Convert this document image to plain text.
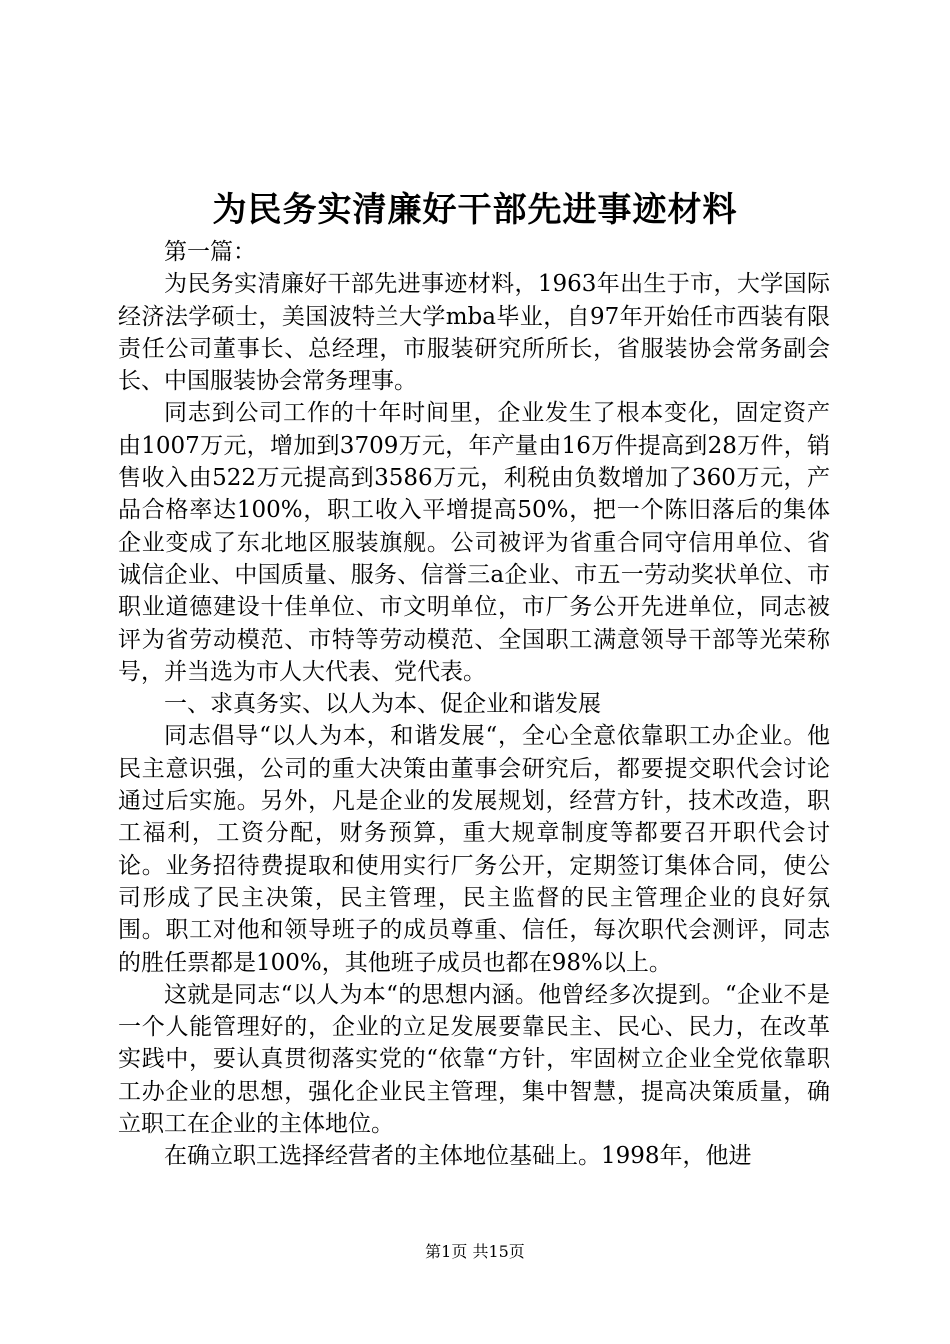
为民务实清廉好干部先进事迹材料

第一篇：

为民务实清廉好干部先进事迹材料，1963年出生于市，大学国际经济法学硕士，美国波特兰大学mba毕业，自97年开始任市西装有限责任公司董事长、总经理，市服装研究所所长，省服装协会常务副会长、中国服装协会常务理事。

同志到公司工作的十年时间里，企业发生了根本变化，固定资产由1007万元，增加到3709万元，年产量由16万件提高到28万件，销售收入由522万元提高到3586万元，利税由负数增加了360万元，产品合格率达100%，职工收入平增提高50%，把一个陈旧落后的集体企业变成了东北地区服装旗舰。公司被评为省重合同守信用单位、省诚信企业、中国质量、服务、信誉三a企业、市五一劳动奖状单位、市职业道德建设十佳单位、市文明单位，市厂务公开先进单位，同志被评为省劳动模范、市特等劳动模范、全国职工满意领导干部等光荣称号，并当选为市人大代表、党代表。

一、求真务实、以人为本、促企业和谐发展

同志倡导“以人为本，和谐发展“，全心全意依靠职工办企业。他民主意识强，公司的重大决策由董事会研究后，都要提交职代会讨论通过后实施。另外，凡是企业的发展规划，经营方针，技术改造，职工福利，工资分配，财务预算，重大规章制度等都要召开职代会讨论。业务招待费提取和使用实行厂务公开，定期签订集体合同，使公司形成了民主决策，民主管理，民主监督的民主管理企业的良好氛围。职工对他和领导班子的成员尊重、信任，每次职代会测评，同志的胜任票都是100%，其他班子成员也都在98%以上。

这就是同志“以人为本“的思想内涵。他曾经多次提到。“企业不是一个人能管理好的，企业的立足发展要靠民主、民心、民力，在改革实践中，要认真贯彻落实党的“依靠“方针，牢固树立企业全党依靠职工办企业的思想，强化企业民主管理，集中智慧，提高决策质量，确立职工在企业的主体地位。

在确立职工选择经营者的主体地位基础上。1998年，他进

第1页 共15页
